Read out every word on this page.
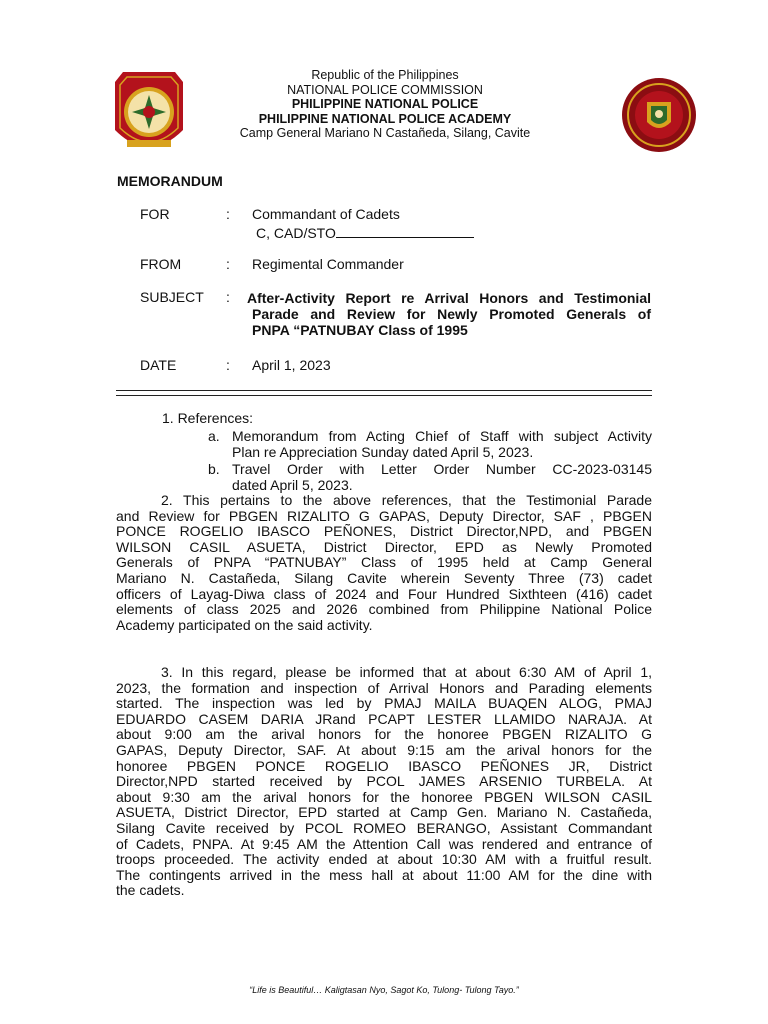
Republic of the Philippines
NATIONAL POLICE COMMISSION
PHILIPPINE NATIONAL POLICE
PHILIPPINE NATIONAL POLICE ACADEMY
Camp General Mariano N Castañeda, Silang, Cavite
MEMORANDUM
FOR	: Commandant of Cadets
C, CAD/STO
FROM	: Regimental Commander
SUBJECT : After-Activity Report re Arrival Honors and Testimonial
Parade and Review for Newly Promoted Generals of
PNPA “PATNUBAY Class of 1995
DATE	: April 1, 2023
1. References:
a. Memorandum from Acting Chief of Staff with subject Activity
Plan re Appreciation Sunday dated April 5, 2023.
b. Travel Order with Letter Order Number CC-2023-03145
dated April 5, 2023.
2. This pertains to the above references, that the Testimonial Parade
and Review for PBGEN RIZALITO G GAPAS, Deputy Director, SAF , PBGEN
PONCE ROGELIO IBASCO PEÑONES, District Director,NPD, and PBGEN
WILSON CASIL ASUETA, District Director, EPD as Newly Promoted
Generals of PNPA “PATNUBAY” Class of 1995 held at Camp General
Mariano N. Castañeda, Silang Cavite wherein Seventy Three (73) cadet
officers of Layag-Diwa class of 2024 and Four Hundred Sixthteen (416) cadet
elements of class 2025 and 2026 combined from Philippine National Police
Academy participated on the said activity.
3. In this regard, please be informed that at about 6:30 AM of April 1,
2023, the formation and inspection of Arrival Honors and Parading elements
started. The inspection was led by PMAJ MAILA BUAQEN ALOG, PMAJ
EDUARDO CASEM DARIA JRand PCAPT LESTER LLAMIDO NARAJA. At
about 9:00 am the arival honors for the honoree PBGEN RIZALITO G
GAPAS, Deputy Director, SAF. At about 9:15 am the arival honors for the
honoree PBGEN PONCE ROGELIO IBASCO PEÑONES JR, District
Director,NPD started received by PCOL JAMES ARSENIO TURBELA. At
about 9:30 am the arival honors for the honoree PBGEN WILSON CASIL
ASUETA, District Director, EPD started at Camp Gen. Mariano N. Castañeda,
Silang Cavite received by PCOL ROMEO BERANGO, Assistant Commandant
of Cadets, PNPA. At 9:45 AM the Attention Call was rendered and entrance of
troops proceeded. The activity ended at about 10:30 AM with a fruitful result.
The contingents arrived in the mess hall at about 11:00 AM for the dine with
the cadets.
“Life is Beautiful… Kaligtasan Nyo, Sagot Ko, Tulong- Tulong Tayo.”
